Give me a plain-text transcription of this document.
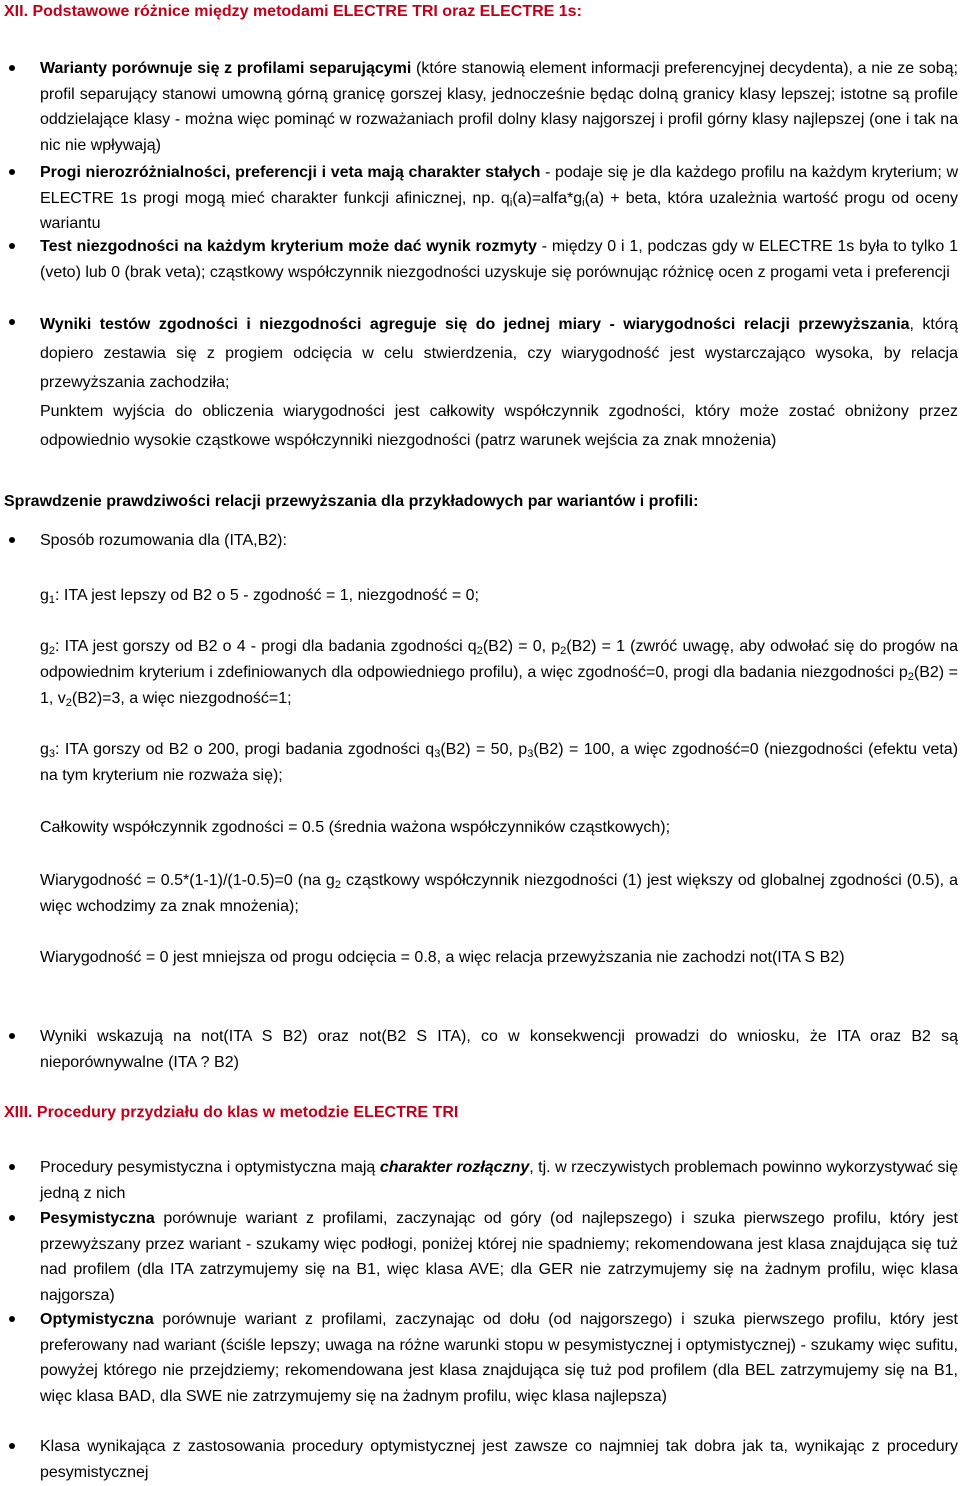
XII. Podstawowe różnice między metodami ELECTRE TRI oraz ELECTRE 1s:

Warianty porównuje się z profilami separującymi (które stanowią element informacji preferencyjnej decydenta), a nie ze sobą; profil separujący stanowi umowną górną granicę gorszej klasy, jednocześnie będąc dolną granicy klasy lepszej; istotne są profile oddzielające klasy - można więc pominąć w rozważaniach profil dolny klasy najgorszej i profil górny klasy najlepszej (one i tak na nic nie wpływają)

Progi nierozróżnialności, preferencji i veta mają charakter stałych - podaje się je dla każdego profilu na każdym kryterium; w ELECTRE 1s progi mogą mieć charakter funkcji afinicznej, np. $q_i(a)=alfa*g_i(a)$ + beta, która uzależnia wartość progu od oceny wariantu

Test niezgodności na każdym kryterium może dać wynik rozmyty - między 0 i 1, podczas gdy w ELECTRE 1s była to tylko 1 (veto) lub 0 (brak veta); cząstkowy współczynnik niezgodności uzyskuje się porównując różnicę ocen z progami veta i preferencji

Wyniki testów zgodności i niezgodności agreguje się do jednej miary - wiarygodności relacji przewyższania, którą dopiero zestawia się z progiem odcięcia w celu stwierdzenia, czy wiarygodność jest wystarczająco wysoka, by relacja przewyższania zachodziła;
Punktem wyjścia do obliczenia wiarygodności jest całkowity współczynnik zgodności, który może zostać obniżony przez odpowiednio wysokie cząstkowe współczynniki niezgodności (patrz warunek wejścia za znak mnożenia)

Sprawdzenie prawdziwości relacji przewyższania dla przykładowych par wariantów i profili:

Sposób rozumowania dla (ITA,B2):

$g_1$: ITA jest lepszy od B2 o 5 - zgodność = 1, niezgodność = 0;

$g_2$: ITA jest gorszy od B2 o 4 - progi dla badania zgodności $q_2(B2) = 0$, $p_2(B2) = 1$ (zwróć uwagę, aby odwołać się do progów na odpowiednim kryterium i zdefiniowanych dla odpowiedniego profilu), a więc zgodność=0, progi dla badania niezgodności $p_2(B2) = 1$, $v_2(B2)=3$, a więc niezgodność=1;

$g_3$: ITA gorszy od B2 o 200, progi badania zgodności $q_3(B2) = 50$, $p_3(B2) = 100$, a więc zgodność=0 (niezgodności (efektu veta) na tym kryterium nie rozważa się);

Całkowity współczynnik zgodności = 0.5 (średnia ważona współczynników cząstkowych);

Wiarygodność = 0.5*(1-1)/(1-0.5)=0 (na $g_2$ cząstkowy współczynnik niezgodności (1) jest większy od globalnej zgodności (0.5), a więc wchodzimy za znak mnożenia);

Wiarygodność = 0 jest mniejsza od progu odcięcia = 0.8, a więc relacja przewyższania nie zachodzi not(ITA S B2)

Wyniki wskazują na not(ITA S B2) oraz not(B2 S ITA), co w konsekwencji prowadzi do wniosku, że ITA oraz B2 są nieporównywalne (ITA ? B2)

XIII. Procedury przydziału do klas w metodzie ELECTRE TRI

Procedury pesymistyczna i optymistyczna mają charakter rozłączny, tj. w rzeczywistych problemach powinno wykorzystywać się jedną z nich

Pesymistyczna porównuje wariant z profilami, zaczynając od góry (od najlepszego) i szuka pierwszego profilu, który jest przewyższany przez wariant - szukamy więc podłogi, poniżej której nie spadniemy; rekomendowana jest klasa znajdująca się tuż nad profilem (dla ITA zatrzymujemy się na B1, więc klasa AVE; dla GER nie zatrzymujemy się na żadnym profilu, więc klasa najgorsza)

Optymistyczna porównuje wariant z profilami, zaczynając od dołu (od najgorszego) i szuka pierwszego profilu, który jest preferowany nad wariant (ściśle lepszy; uwaga na różne warunki stopu w pesymistycznej i optymistycznej) - szukamy więc sufitu, powyżej którego nie przejdziemy; rekomendowana jest klasa znajdująca się tuż pod profilem (dla BEL zatrzymujemy się na B1, więc klasa BAD, dla SWE nie zatrzymujemy się na żadnym profilu, więc klasa najlepsza)

Klasa wynikająca z zastosowania procedury optymistycznej jest zawsze co najmniej tak dobra jak ta, wynikając z procedury pesymistycznej
